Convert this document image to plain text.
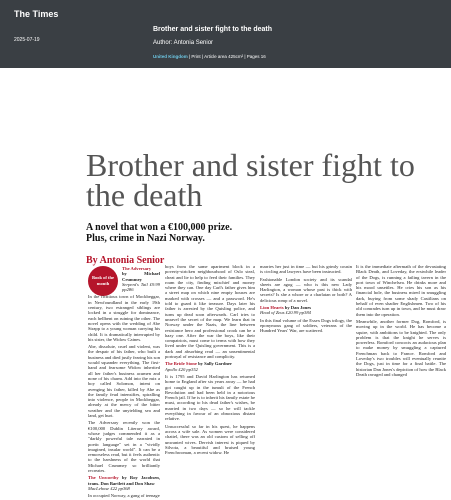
The Times
2025-07-19
Brother and sister fight to the death
Author: Antonia Senior
United Kingdom | Print | Article area 425cm² | Pages 16
Brother and sister fight to the death
A novel that won a €100,000 prize. Plus, crime in Nazi Norway.
By Antonia Senior
Book of the month

The Adversary
by Michael Crummey
Serpent's Tail £9.99 pp286

In the fictitious town of Mockbeggar, in Newfoundland in the early 19th century, two estranged siblings are locked in a struggle for dominance, each hellbent on ruining the other. The novel opens with the wedding of Abe Strapp to a young woman carrying his child. It is dramatically interrupted by his sister, the Widow Caines.

Abe, dissolute, cruel and violent, was the despair of his father, who built a business and died justly fearing his son would squander everything. The first-hand and fearsome Widow inherited all her father's business acumen and none of his charm. Add into the mix a boy called Solomon, intent on avenging his father, killed by Abe as the family feud intensifies, spiralling into violence, people in Mockbeggar, already at the mercy of the bitter weather and the unyielding sea and land, get hurt.

The Adversary recently won the €100,000 Dublin Literary award, whose judges commended it as a "darkly powerful tale narrated in poetic language" set in a "vividly imagined, insular world". It can be a remorseless read, but it feels authentic to the harshness of the world that Michael Crummey so brilliantly recreates.

The Unworthy by Roy Jacobsen, trans. Don Bartlett and Don Shaw
MacLehose £22 pp368

In occupied Norway, a gang of teenage

boys from the same apartment block in a poverty-stricken neighbourhood of Oslo steal, cheat and lie to help to feed their families. They roam the city, finding mischief and money where they can. One day Carl's father gives him a street map on which nine empty houses are marked with crosses — and a password. He's told to guard it like treasure. Days later his father is arrested by the Quisling police, and turns up dead soon afterwards. Carl tries to unravel the secret of the map. We learn that in Norway under the Nazis, the line between resistance hero and professional crook can be a hazy one. After the war the boys, like their compatriots, must come to terms with how they lived under the Quisling government. This is a dark and absorbing read — an unsentimental portrayal of resistance and complicity.

The Bride Stone by Sally Gardner
Apollo £20 pp352

It is 1795 and David Harlington has returned home to England after six years away — he had got caught up in the tumult of the French Revolution and had been held in a notorious French jail. If he is to inherit his family estate he must, according to his dead father's wishes, be married in two days — so he will tackle everything in favour of an obnoxious distant relative.

Unsuccessful so far in his quest, he happens across a wife sale. As women were considered chattel, there was an old custom of selling off unwanted wives. Dervish interest is piqued by Silvota, a beautiful and bruised young Frenchwoman, a recent widow. He

marries her just in time — but his grimly cousin is circling and lawyers have been instructed.

Fashionable London society and its scandal sheets are agog — who is this new Lady Harlington, a woman whose past is thick with secrets? Is she a whore or a charlatan or both? A delicious romp of a novel.

Lion Hearts by Dan Jones
Head of Zeus £20.99 pp384

In this final volume of the Essex Dogs trilogy, the eponymous gang of soldiers, veterans of the Hundred Years' War, are scattered.

It is the immediate aftermath of the devastating Black Death, and Loveday, the erstwhile leader of the Dogs, is running a failing tavern in the port town of Winchelsea. He drinks more and his mood unsettles. He cries his son as his financial hole, the business mired in smuggling dark, buying from some shady Castilians on behalf of even shadier Englishmen. Two of his old comrades turn up in town, and he must draw them into the operation.

Meanwhile, another former Dog, Romford, is moving up in the world. He has become a squire, with ambitions to be knighted. The only problem is that the knight he serves is powerless. Romford concocts an audacious plan to make money by smuggling a captured Frenchman back to France. Romford and Loveday's two troubles will eventually reunite the Dogs, just in time for a final battle. The historian Dan Jones's depiction of how the Black Death ravaged and changed
